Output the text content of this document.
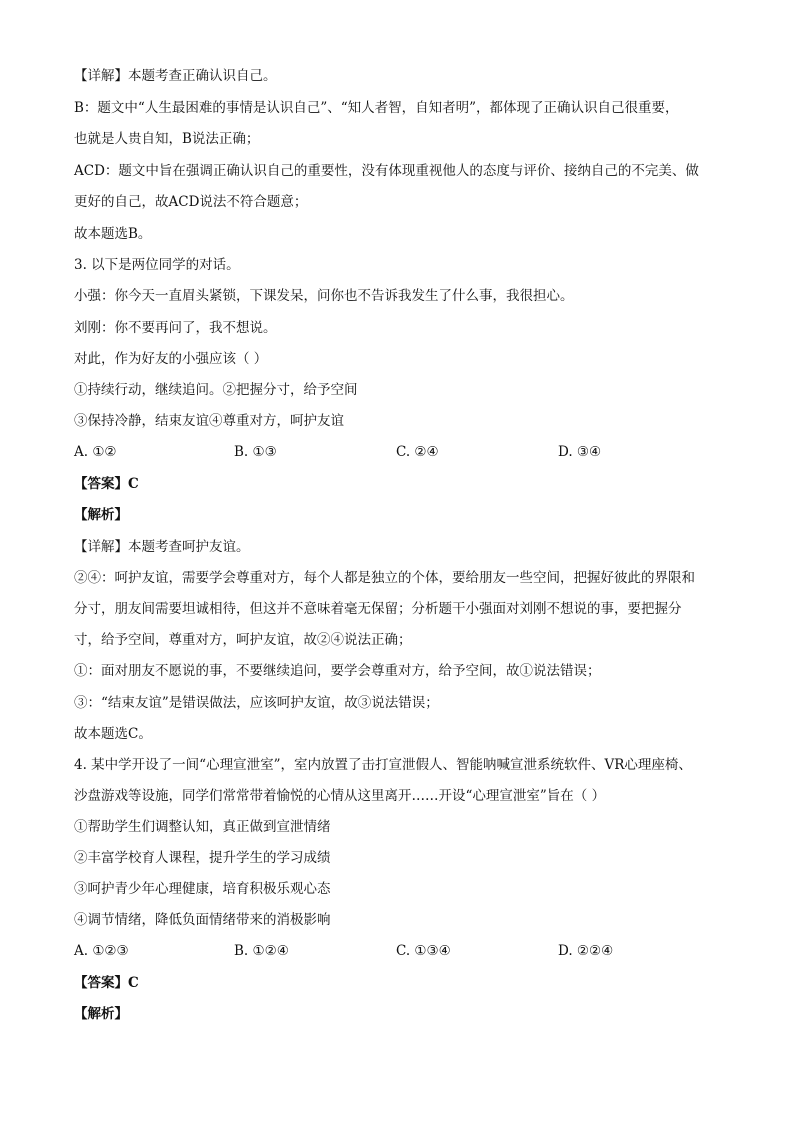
【详解】本题考查正确认识自己。
B：题文中“人生最困难的事情是认识自己”、“知人者智，自知者明”，都体现了正确认识自己很重要，
也就是人贵自知，B说法正确；
ACD：题文中旨在强调正确认识自己的重要性，没有体现重视他人的态度与评价、接纳自己的不完美、做
更好的自己，故ACD说法不符合题意；
故本题选B。
3. 以下是两位同学的对话。
小强：你今天一直眉头紧锁，下课发呆，问你也不告诉我发生了什么事，我很担心。
刘刚：你不要再问了，我不想说。
对此，作为好友的小强应该（ ）
①持续行动，继续追问。②把握分寸，给予空间
③保持冷静，结束友谊④尊重对方，呵护友谊
A. ①②	B. ①③	C. ②④	D. ③④
【答案】C
【解析】
【详解】本题考查呵护友谊。
②④：呵护友谊，需要学会尊重对方，每个人都是独立的个体，要给朋友一些空间，把握好彼此的界限和
分寸，朋友间需要坦诚相待，但这并不意味着毫无保留；分析题干小强面对刘刚不想说的事，要把握分
寸，给予空间，尊重对方，呵护友谊，故②④说法正确；
①：面对朋友不愿说的事，不要继续追问，要学会尊重对方，给予空间，故①说法错误；
③：“结束友谊”是错误做法，应该呵护友谊，故③说法错误；
故本题选C。
4. 某中学开设了一间“心理宣泄室”，室内放置了击打宣泄假人、智能呐喊宣泄系统软件、VR心理座椅、
沙盘游戏等设施，同学们常常带着愉悦的心情从这里离开……开设“心理宣泄室”旨在（ ）
①帮助学生们调整认知，真正做到宣泄情绪
②丰富学校育人课程，提升学生的学习成绩
③呵护青少年心理健康，培育积极乐观心态
④调节情绪，降低负面情绪带来的消极影响
A. ①②③	B. ①②④	C. ①③④	D. ②②④
【答案】C
【解析】
